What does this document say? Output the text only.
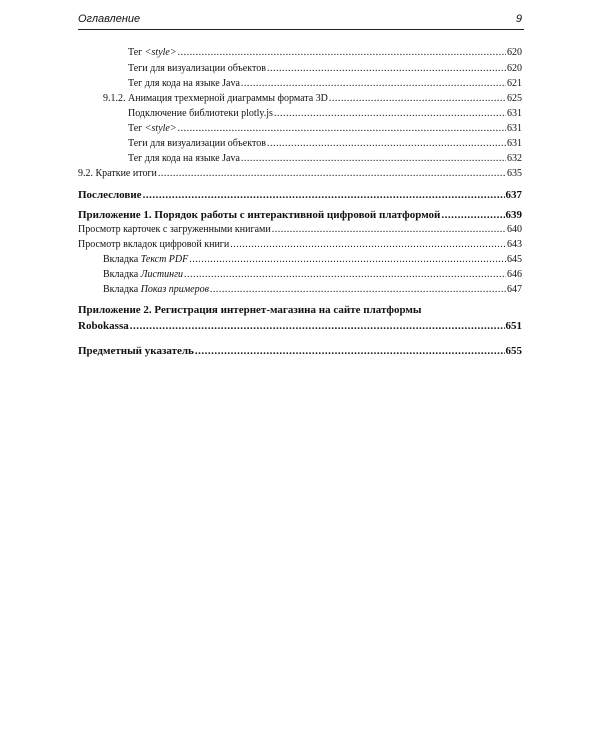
Оглавление	9
Тег <style> .....	620
Теги для визуализации объектов .....	620
Тег для кода на языке Java .....	621
9.1.2. Анимация трехмерной диаграммы формата 3D .....	625
Подключение библиотеки plotly.js .....	631
Тег <style> .....	631
Теги для визуализации объектов .....	631
Тег для кода на языке Java .....	632
9.2. Краткие итоги .....	635
Послесловие .....	637
Приложение 1. Порядок работы с интерактивной цифровой платформой .....	639
Просмотр карточек с загруженными книгами .....	640
Просмотр вкладок цифровой книги .....	643
Вкладка Текст PDF .....	645
Вкладка Листинги .....	646
Вкладка Показ примеров .....	647
Приложение 2. Регистрация интернет-магазина на сайте платформы
Robokassa .....	651
Предметный указатель .....	655
